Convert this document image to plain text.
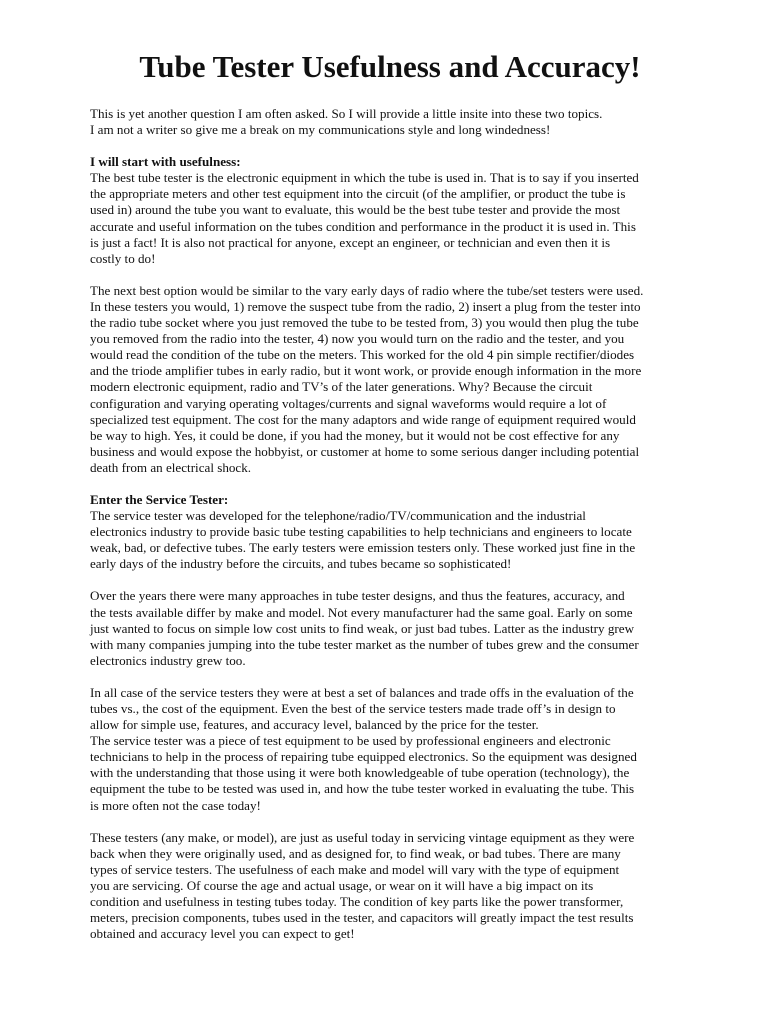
Tube Tester Usefulness and Accuracy!
This is yet another question I am often asked. So I will provide a little insite into these two topics.
I am not a writer so give me a break on my communications style and long windedness!
I will start with usefulness:
The best tube tester is the electronic equipment in which the tube is used in. That is to say if you inserted
the appropriate meters and other test equipment into the circuit (of the amplifier, or product the tube is
used in) around the tube you want to evaluate, this would be the best tube tester and provide the most
accurate and useful information on the tubes condition and performance in the product it is used in. This
is just a fact! It is also not practical for anyone, except an engineer, or technician and even then it is
costly to do!
The next best option would be similar to the vary early days of radio where the tube/set testers were used.
In these testers you would, 1) remove the suspect tube from the radio, 2) insert a plug from the tester into
the radio tube socket where you just removed the tube to be tested from, 3) you would then plug the tube
you removed from the radio into the tester, 4) now you would turn on the radio and the tester, and you
would read the condition of the tube on the meters. This worked for the old 4 pin simple rectifier/diodes
and the triode amplifier tubes in early radio, but it wont work, or provide enough information in the more
modern electronic equipment, radio and TV’s of the later generations. Why? Because the circuit
configuration and varying operating voltages/currents and signal waveforms would require a lot of
specialized test equipment. The cost for the many adaptors and wide range of equipment required would
be way to high. Yes, it could be done, if you had the money, but it would not be cost effective for any
business and would expose the hobbyist, or customer at home to some serious danger including potential
death from an electrical shock.
Enter the Service Tester:
The service tester was developed for the telephone/radio/TV/communication and the industrial
electronics industry to provide basic tube testing capabilities to help technicians and engineers to locate
weak, bad, or defective tubes. The early testers were emission testers only. These worked just fine in the
early days of the industry before the circuits, and tubes became so sophisticated!
Over the years there were many approaches in tube tester designs, and thus the features, accuracy, and
the tests available differ by make and model. Not every manufacturer had the same goal. Early on some
just wanted to focus on simple low cost units to find weak, or just bad tubes. Latter as the industry grew
with many companies jumping into the tube tester market as the number of tubes grew and the consumer
electronics industry grew too.
In all case of the service testers they were at best a set of balances and trade offs in the evaluation of the
tubes vs., the cost of the equipment. Even the best of the service testers made trade off’s in design to
allow for simple use, features, and accuracy level, balanced by the price for the tester.
The service tester was a piece of test equipment to be used by professional engineers and electronic
technicians to help in the process of repairing tube equipped electronics. So the equipment was designed
with the understanding that those using it were both knowledgeable of tube operation (technology), the
equipment the tube to be tested was used in, and how the tube tester worked in evaluating the tube. This
is more often not the case today!
These testers (any make, or model), are just as useful today in servicing vintage equipment as they were
back when they were originally used, and as designed for, to find weak, or bad tubes. There are many
types of service testers. The usefulness of each make and model will vary with the type of equipment
you are servicing. Of course the age and actual usage, or wear on it will have a big impact on its
condition and usefulness in testing tubes today. The condition of key parts like the power transformer,
meters, precision components, tubes used in the tester, and capacitors will greatly impact the test results
obtained and accuracy level you can expect to get!
